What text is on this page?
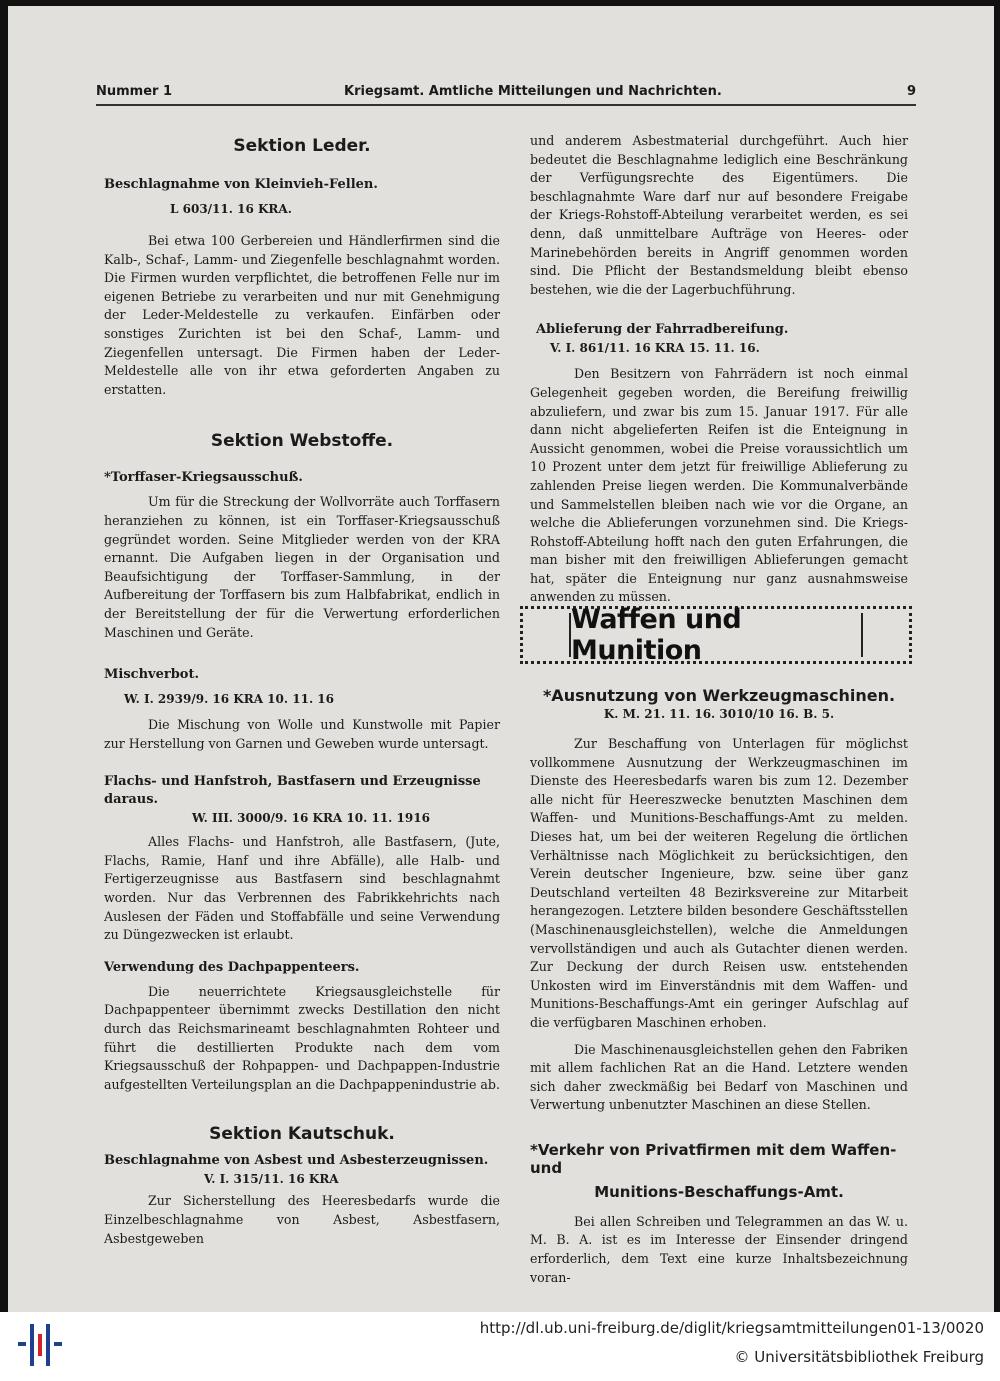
Nummer 1	Kriegsamt. Amtliche Mitteilungen und Nachrichten.	9
Sektion Leder.
Beschlagnahme von Kleinvieh-Fellen.
L 603/11. 16 KRA.

Bei etwa 100 Gerbereien und Händlerfirmen sind die Kalb-, Schaf-, Lamm- und Ziegenfelle beschlagnahmt worden. Die Firmen wurden verpflichtet, die betroffenen Felle nur im eigenen Betriebe zu verarbeiten und nur mit Genehmigung der Leder-Meldestelle zu verkaufen. Einfärben oder sonstiges Zurichten ist bei den Schaf-, Lamm- und Ziegenfellen untersagt. Die Firmen haben der Leder-Meldestelle alle von ihr etwa geforderten Angaben zu erstatten.

Sektion Webstoffe.
*Torffaser-Kriegsausschuß.

Um für die Streckung der Wollvorräte auch Torffasern heranziehen zu können, ist ein Torffaser-Kriegsausschuß gegründet worden. Seine Mitglieder werden von der KRA ernannt. Die Aufgaben liegen in der Organisation und Beaufsichtigung der Torffaser-Sammlung, in der Aufbereitung der Torffasern bis zum Halbfabrikat, endlich in der Bereitstellung der für die Verwertung erforderlichen Maschinen und Geräte.

Mischverbot.
W. I. 2939/9. 16 KRA 10. 11. 16

Die Mischung von Wolle und Kunstwolle mit Papier zur Herstellung von Garnen und Geweben wurde untersagt.

Flachs- und Hanfstroh, Bastfasern und Erzeugnisse daraus.
W. III. 3000/9. 16 KRA 10. 11. 1916

Alles Flachs- und Hanfstroh, alle Bastfasern, (Jute, Flachs, Ramie, Hanf und ihre Abfälle), alle Halb- und Fertigerzeugnisse aus Bastfasern sind beschlagnahmt worden. Nur das Verbrennen des Fabrikkehrichts nach Auslesen der Fäden und Stoffabfälle und seine Verwendung zu Düngezwecken ist erlaubt.

Verwendung des Dachpappenteers.

Die neuerrichtete Kriegsausgleichstelle für Dachpappenteer übernimmt zwecks Destillation den nicht durch das Reichsmarineamt beschlagnahmten Rohteer und führt die destillierten Produkte nach dem vom Kriegsausschuß der Rohpappen- und Dachpappen-Industrie aufgestellten Verteilungsplan an die Dachpappenindustrie ab.

Sektion Kautschuk.
Beschlagnahme von Asbest und Asbesterzeugnissen.
V. I. 315/11. 16 KRA

Zur Sicherstellung des Heeresbedarfs wurde die Einzelbeschlagnahme von Asbest, Asbestfasern, Asbestgeweben

und anderem Asbestmaterial durchgeführt. Auch hier bedeutet die Beschlagnahme lediglich eine Beschränkung der Verfügungsrechte des Eigentümers. Die beschlagnahmte Ware darf nur auf besondere Freigabe der Kriegs-Rohstoff-Abteilung verarbeitet werden, es sei denn, daß unmittelbare Aufträge von Heeres- oder Marinebehörden bereits in Angriff genommen worden sind. Die Pflicht der Bestandsmeldung bleibt ebenso bestehen, wie die der Lagerbuchführung.

Ablieferung der Fahrradbereifung.
V. I. 861/11. 16 KRA 15. 11. 16.

Den Besitzern von Fahrrädern ist noch einmal Gelegenheit gegeben worden, die Bereifung freiwillig abzuliefern, und zwar bis zum 15. Januar 1917. Für alle dann nicht abgelieferten Reifen ist die Enteignung in Aussicht genommen, wobei die Preise voraussichtlich um 10 Prozent unter dem jetzt für freiwillige Ablieferung zu zahlenden Preise liegen werden. Die Kommunalverbände und Sammelstellen bleiben nach wie vor die Organe, an welche die Ablieferungen vorzunehmen sind. Die Kriegs-Rohstoff-Abteilung hofft nach den guten Erfahrungen, die man bisher mit den freiwilligen Ablieferungen gemacht hat, später die Enteignung nur ganz ausnahmsweise anwenden zu müssen.

Waffen und Munition
*Ausnutzung von Werkzeugmaschinen.
K. M. 21. 11. 16. 3010/10 16. B. 5.

Zur Beschaffung von Unterlagen für möglichst vollkommene Ausnutzung der Werkzeugmaschinen im Dienste des Heeresbedarfs waren bis zum 12. Dezember alle nicht für Heereszwecke benutzten Maschinen dem Waffen- und Munitions-Beschaffungs-Amt zu melden. Dieses hat, um bei der weiteren Regelung die örtlichen Verhältnisse nach Möglichkeit zu berücksichtigen, den Verein deutscher Ingenieure, bzw. seine über ganz Deutschland verteilten 48 Bezirksvereine zur Mitarbeit herangezogen. Letztere bilden besondere Geschäftsstellen (Maschinenausgleichstellen), welche die Anmeldungen vervollständigen und auch als Gutachter dienen werden. Zur Deckung der durch Reisen usw. entstehenden Unkosten wird im Einverständnis mit dem Waffen- und Munitions-Beschaffungs-Amt ein geringer Aufschlag auf die verfügbaren Maschinen erhoben.

Die Maschinenausgleichstellen gehen den Fabriken mit allem fachlichen Rat an die Hand. Letztere wenden sich daher zweckmäßig bei Bedarf von Maschinen und Verwertung unbenutzter Maschinen an diese Stellen.

*Verkehr von Privatfirmen mit dem Waffen- und
Munitions-Beschaffungs-Amt.

Bei allen Schreiben und Telegrammen an das W. u. M. B. A. ist es im Interesse der Einsender dringend erforderlich, dem Text eine kurze Inhaltsbezeichnung voran-

http://dl.ub.uni-freiburg.de/diglit/kriegsamtmitteilungen01-13/0020
© Universitätsbibliothek Freiburg
